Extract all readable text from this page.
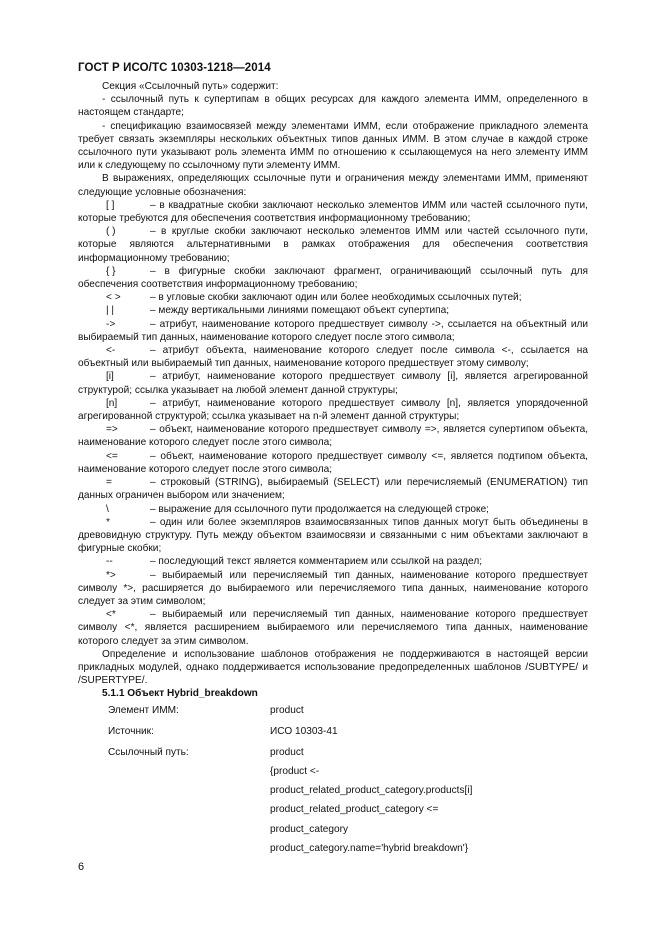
ГОСТ Р ИСО/ТС 10303-1218—2014

Секция «Ссылочный путь» содержит:

- ссылочный путь к супертипам в общих ресурсах для каждого элемента ИММ, определенного в настоящем стандарте;

- спецификацию взаимосвязей между элементами ИММ, если отображение прикладного элемента требует связать экземпляры нескольких объектных типов данных ИММ. В этом случае в каждой строке ссылочного пути указывают роль элемента ИММ по отношению к ссылающемуся на него элементу ИММ или к следующему по ссылочному пути элементу ИММ.

В выражениях, определяющих ссылочные пути и ограничения между элементами ИММ, применяют следующие условные обозначения:

[ ]	– в квадратные скобки заключают несколько элементов ИММ или частей ссылочного пути, которые требуются для обеспечения соответствия информационному требованию;

( )	– в круглые скобки заключают несколько элементов ИММ или частей ссылочного пути, которые являются альтернативными в рамках отображения для обеспечения соответствия информационному требованию;

{ }	– в фигурные скобки заключают фрагмент, ограничивающий ссылочный путь для обеспечения соответствия информационному требованию;

< >	– в угловые скобки заключают один или более необходимых ссылочных путей;

| |	– между вертикальными линиями помещают объект супертипа;

->	– атрибут, наименование которого предшествует символу ->, ссылается на объектный или выбираемый тип данных, наименование которого следует после этого символа;

<-	– атрибут объекта, наименование которого следует после символа <-, ссылается на объектный или выбираемый тип данных, наименование которого предшествует этому символу;

[i]	– атрибут, наименование которого предшествует символу [i], является агрегированной структурой; ссылка указывает на любой элемент данной структуры;

[n]	– атрибут, наименование которого предшествует символу [n], является упорядоченной агрегированной структурой; ссылка указывает на n-й элемент данной структуры;

=>	– объект, наименование которого предшествует символу =>, является супертипом объекта, наименование которого следует после этого символа;

<=	– объект, наименование которого предшествует символу <=, является подтипом объекта, наименование которого следует после этого символа;

=	– строковый (STRING), выбираемый (SELECT) или перечисляемый (ENUMERATION) тип данных ограничен выбором или значением;

\	– выражение для ссылочного пути продолжается на следующей строке;

*	– один или более экземпляров взаимосвязанных типов данных могут быть объединены в древовидную структуру. Путь между объектом взаимосвязи и связанными с ним объектами заключают в фигурные скобки;

--	– последующий текст является комментарием или ссылкой на раздел;

*>	– выбираемый или перечисляемый тип данных, наименование которого предшествует символу *>, расширяется до выбираемого или перечисляемого типа данных, наименование которого следует за этим символом;

<*	– выбираемый или перечисляемый тип данных, наименование которого предшествует символу <*, является расширением выбираемого или перечисляемого типа данных, наименование которого следует за этим символом.

Определение и использование шаблонов отображения не поддерживаются в настоящей версии прикладных модулей, однако поддерживается использование предопределенных шаблонов /SUBTYPE/ и /SUPERTYPE/.

5.1.1 Объект Hybrid_breakdown

Элемент ИММ:	product
Источник:	ИСО 10303-41
Ссылочный путь:	product
{product <-
product_related_product_category.products[i]
product_related_product_category <=
product_category
product_category.name='hybrid breakdown'}
6
